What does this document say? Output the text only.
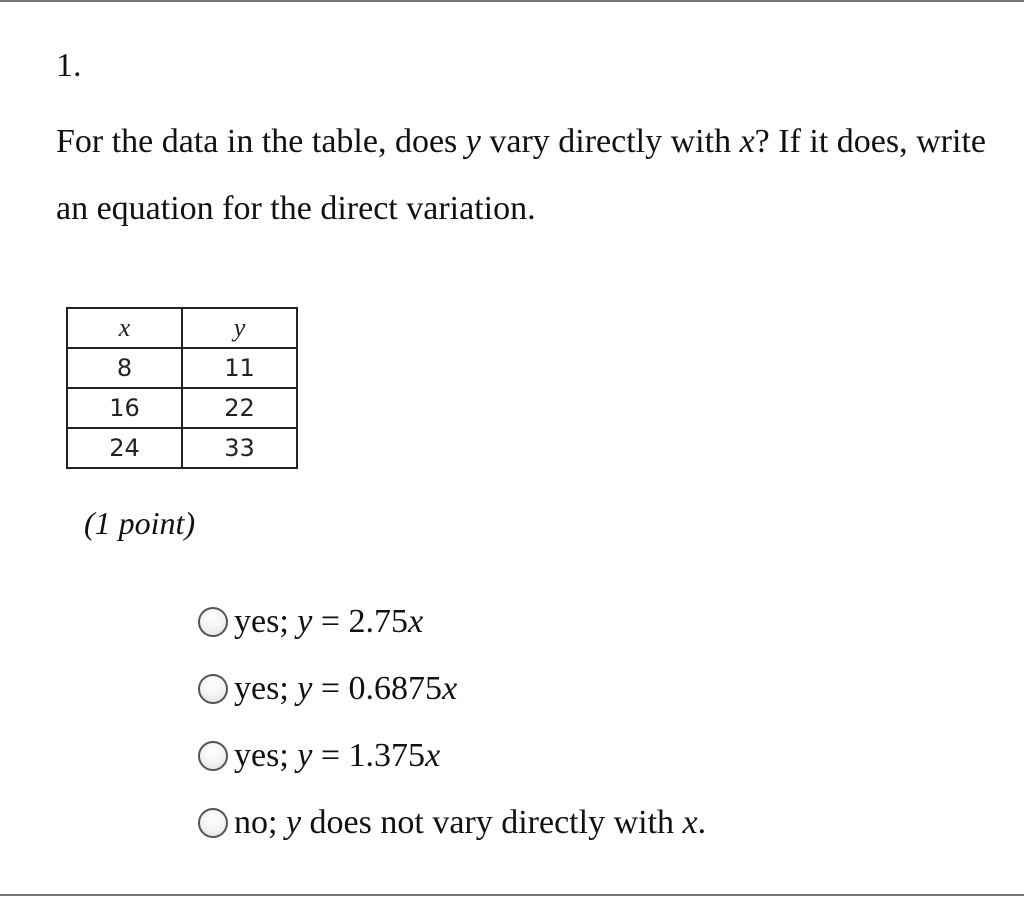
1.
For the data in the table, does y vary directly with x? If it does, write an equation for the direct variation.
x	y
8	11
16	22
24	33
(1 point)
yes; y = 2.75x
yes; y = 0.6875x
yes; y = 1.375x
no; y does not vary directly with x.
